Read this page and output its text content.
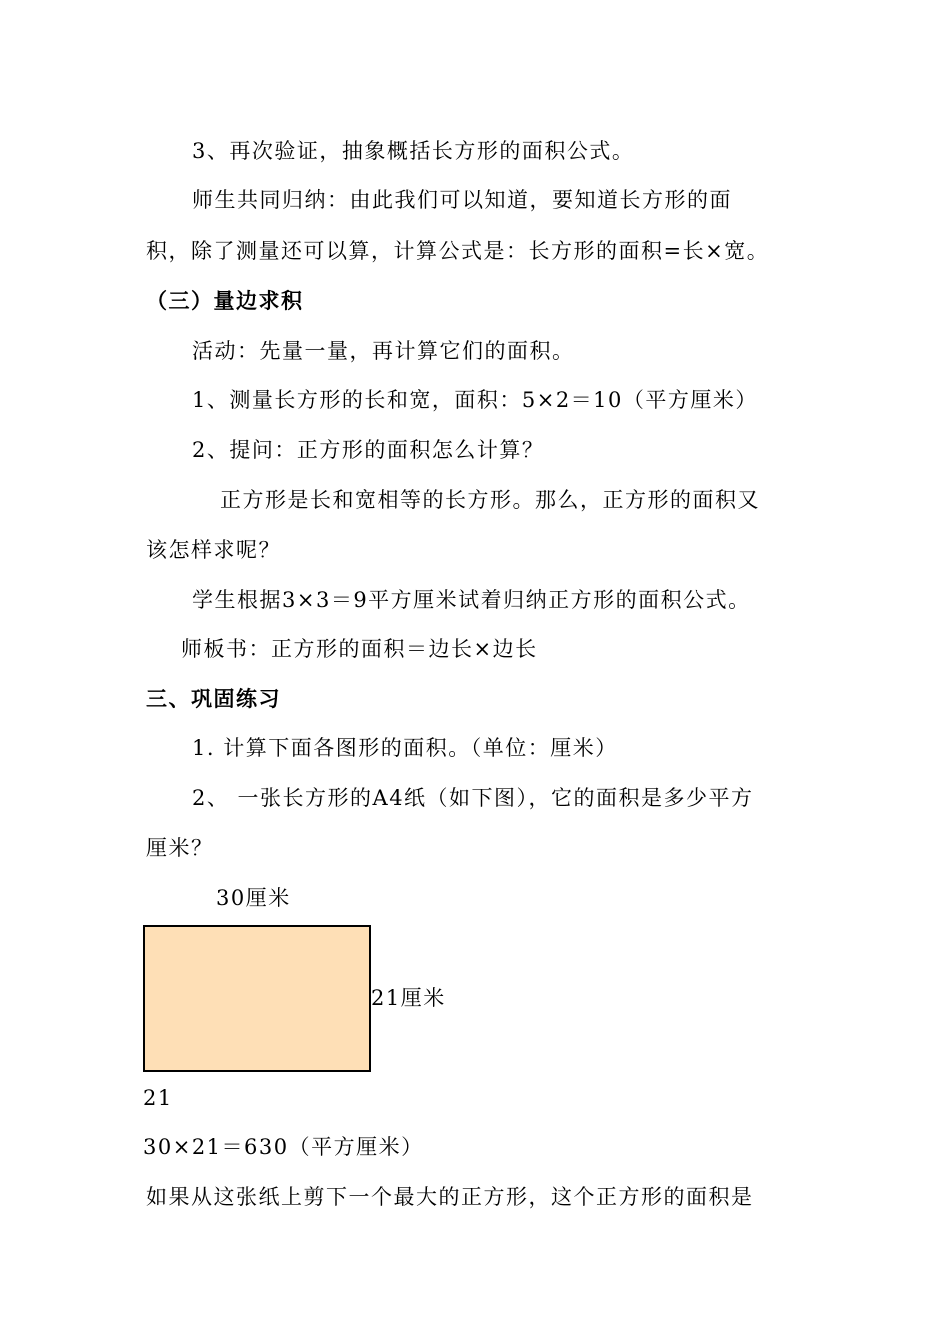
3、再次验证，抽象概括长方形的面积公式。
师生共同归纳：由此我们可以知道，要知道长方形的面
积，除了测量还可以算，计算公式是：长方形的面积=长×宽。
（三）量边求积
活动：先量一量，再计算它们的面积。
1、测量长方形的长和宽，面积：5×2＝10（平方厘米）
2、提问：正方形的面积怎么计算？
正方形是长和宽相等的长方形。那么，正方形的面积又
该怎样求呢？
学生根据3×3＝9平方厘米试着归纳正方形的面积公式。
师板书：正方形的面积＝边长×边长
三、巩固练习
1. 计算下面各图形的面积。（单位：厘米）
2、 一张长方形的A4纸（如下图），它的面积是多少平方
厘米？
30厘米
21厘米
21
30×21＝630（平方厘米）
如果从这张纸上剪下一个最大的正方形，这个正方形的面积是
